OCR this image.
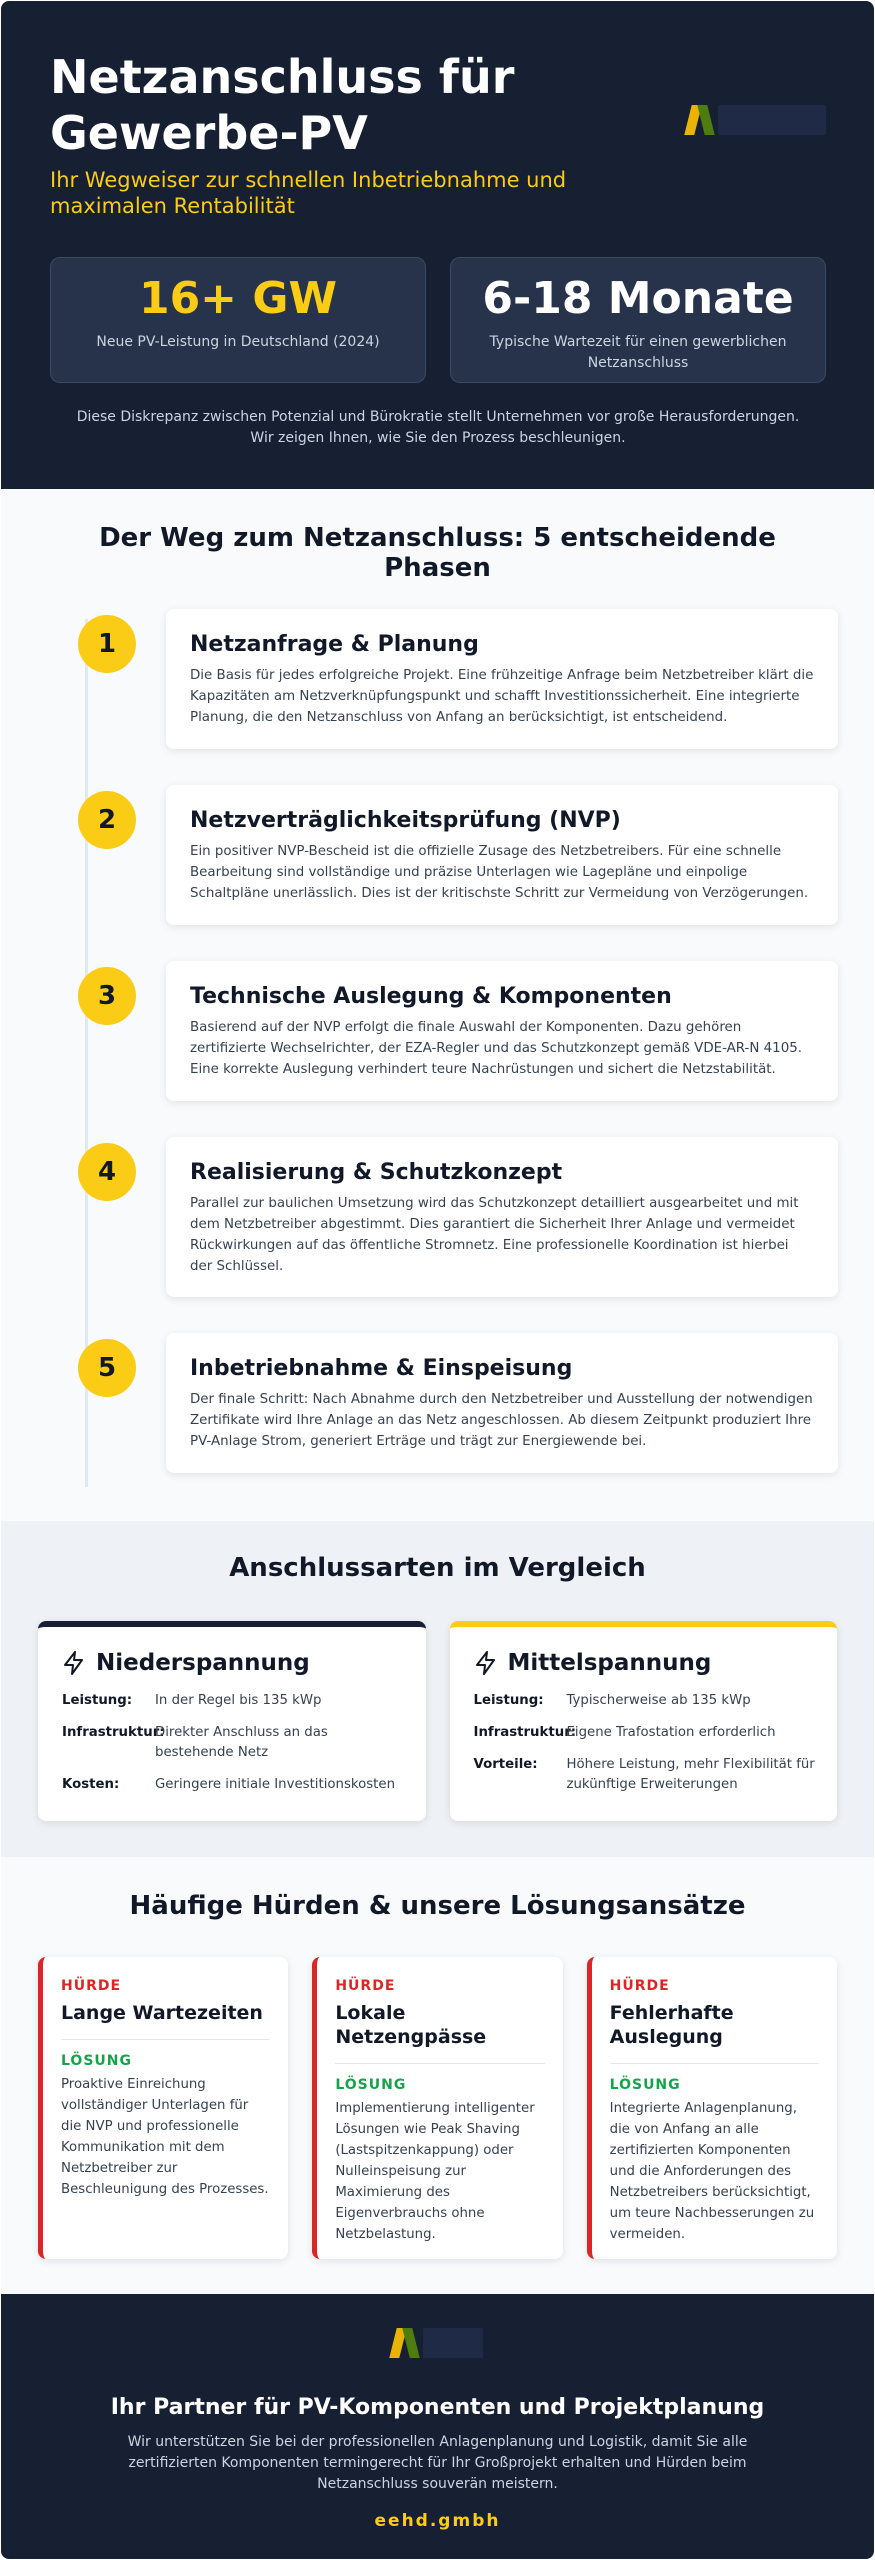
Netzanschluss für Gewerbe-PV

Ihr Wegweiser zur schnellen Inbetriebnahme und maximalen Rentabilität

16+ GW
Neue PV-Leistung in Deutschland (2024)
6-18 Monate
Typische Wartezeit für einen gewerblichen Netzanschluss

Diese Diskrepanz zwischen Potenzial und Bürokratie stellt Unternehmen vor große Herausforderungen. Wir zeigen Ihnen, wie Sie den Prozess beschleunigen.

Der Weg zum Netzanschluss: 5 entscheidende Phasen
1	Netzanfrage & Planung

Die Basis für jedes erfolgreiche Projekt. Eine frühzeitige Anfrage beim Netzbetreiber klärt die Kapazitäten am Netzverknüpfungspunkt und schafft Investitionssicherheit. Eine integrierte Planung, die den Netzanschluss von Anfang an berücksichtigt, ist entscheidend.

2	Netzverträglichkeitsprüfung (NVP)

Ein positiver NVP-Bescheid ist die offizielle Zusage des Netzbetreibers. Für eine schnelle Bearbeitung sind vollständige und präzise Unterlagen wie Lagepläne und einpolige Schaltpläne unerlässlich. Dies ist der kritischste Schritt zur Vermeidung von Verzögerungen.

3	Technische Auslegung & Komponenten

Basierend auf der NVP erfolgt die finale Auswahl der Komponenten. Dazu gehören zertifizierte Wechselrichter, der EZA-Regler und das Schutzkonzept gemäß VDE-AR-N 4105. Eine korrekte Auslegung verhindert teure Nachrüstungen und sichert die Netzstabilität.

4	Realisierung & Schutzkonzept

Parallel zur baulichen Umsetzung wird das Schutzkonzept detailliert ausgearbeitet und mit dem Netzbetreiber abgestimmt. Dies garantiert die Sicherheit Ihrer Anlage und vermeidet Rückwirkungen auf das öffentliche Stromnetz. Eine professionelle Koordination ist hierbei der Schlüssel.

5	Inbetriebnahme & Einspeisung

Der finale Schritt: Nach Abnahme durch den Netzbetreiber und Ausstellung der notwendigen Zertifikate wird Ihre Anlage an das Netz angeschlossen. Ab diesem Zeitpunkt produziert Ihre PV-Anlage Strom, generiert Erträge und trägt zur Energiewende bei.

Anschlussarten im Vergleich
Niederspannung
Leistung:	In der Regel bis 135 kWp
Infrastruktur:
Direkter Anschluss an das bestehende Netz
Kosten:	Geringere initiale Investitionskosten
Mittelspannung
Leistung:	Typischerweise ab 135 kWp
Infrastruktur:
Eigene Trafostation erforderlich
Vorteile:	Höhere Leistung, mehr Flexibilität für zukünftige Erweiterungen
Häufige Hürden & unsere Lösungsansätze
HÜRDE
Lange Wartezeiten
LÖSUNG

Proaktive Einreichung vollständiger Unterlagen für die NVP und professionelle Kommunikation mit dem Netzbetreiber zur Beschleunigung des Prozesses.

HÜRDE
Lokale Netzengpässe
LÖSUNG

Implementierung intelligenter Lösungen wie Peak Shaving (Lastspitzenkappung) oder Nulleinspeisung zur Maximierung des Eigenverbrauchs ohne Netzbelastung.

HÜRDE
Fehlerhafte Auslegung
LÖSUNG

Integrierte Anlagenplanung, die von Anfang an alle zertifizierten Komponenten und die Anforderungen des Netzbetreibers berücksichtigt, um teure Nachbesserungen zu vermeiden.

Ihr Partner für PV-Komponenten und Projektplanung

Wir unterstützen Sie bei der professionellen Anlagenplanung und Logistik, damit Sie alle zertifizierten Komponenten termingerecht für Ihr Großprojekt erhalten und Hürden beim Netzanschluss souverän meistern.

eehd.gmbh
